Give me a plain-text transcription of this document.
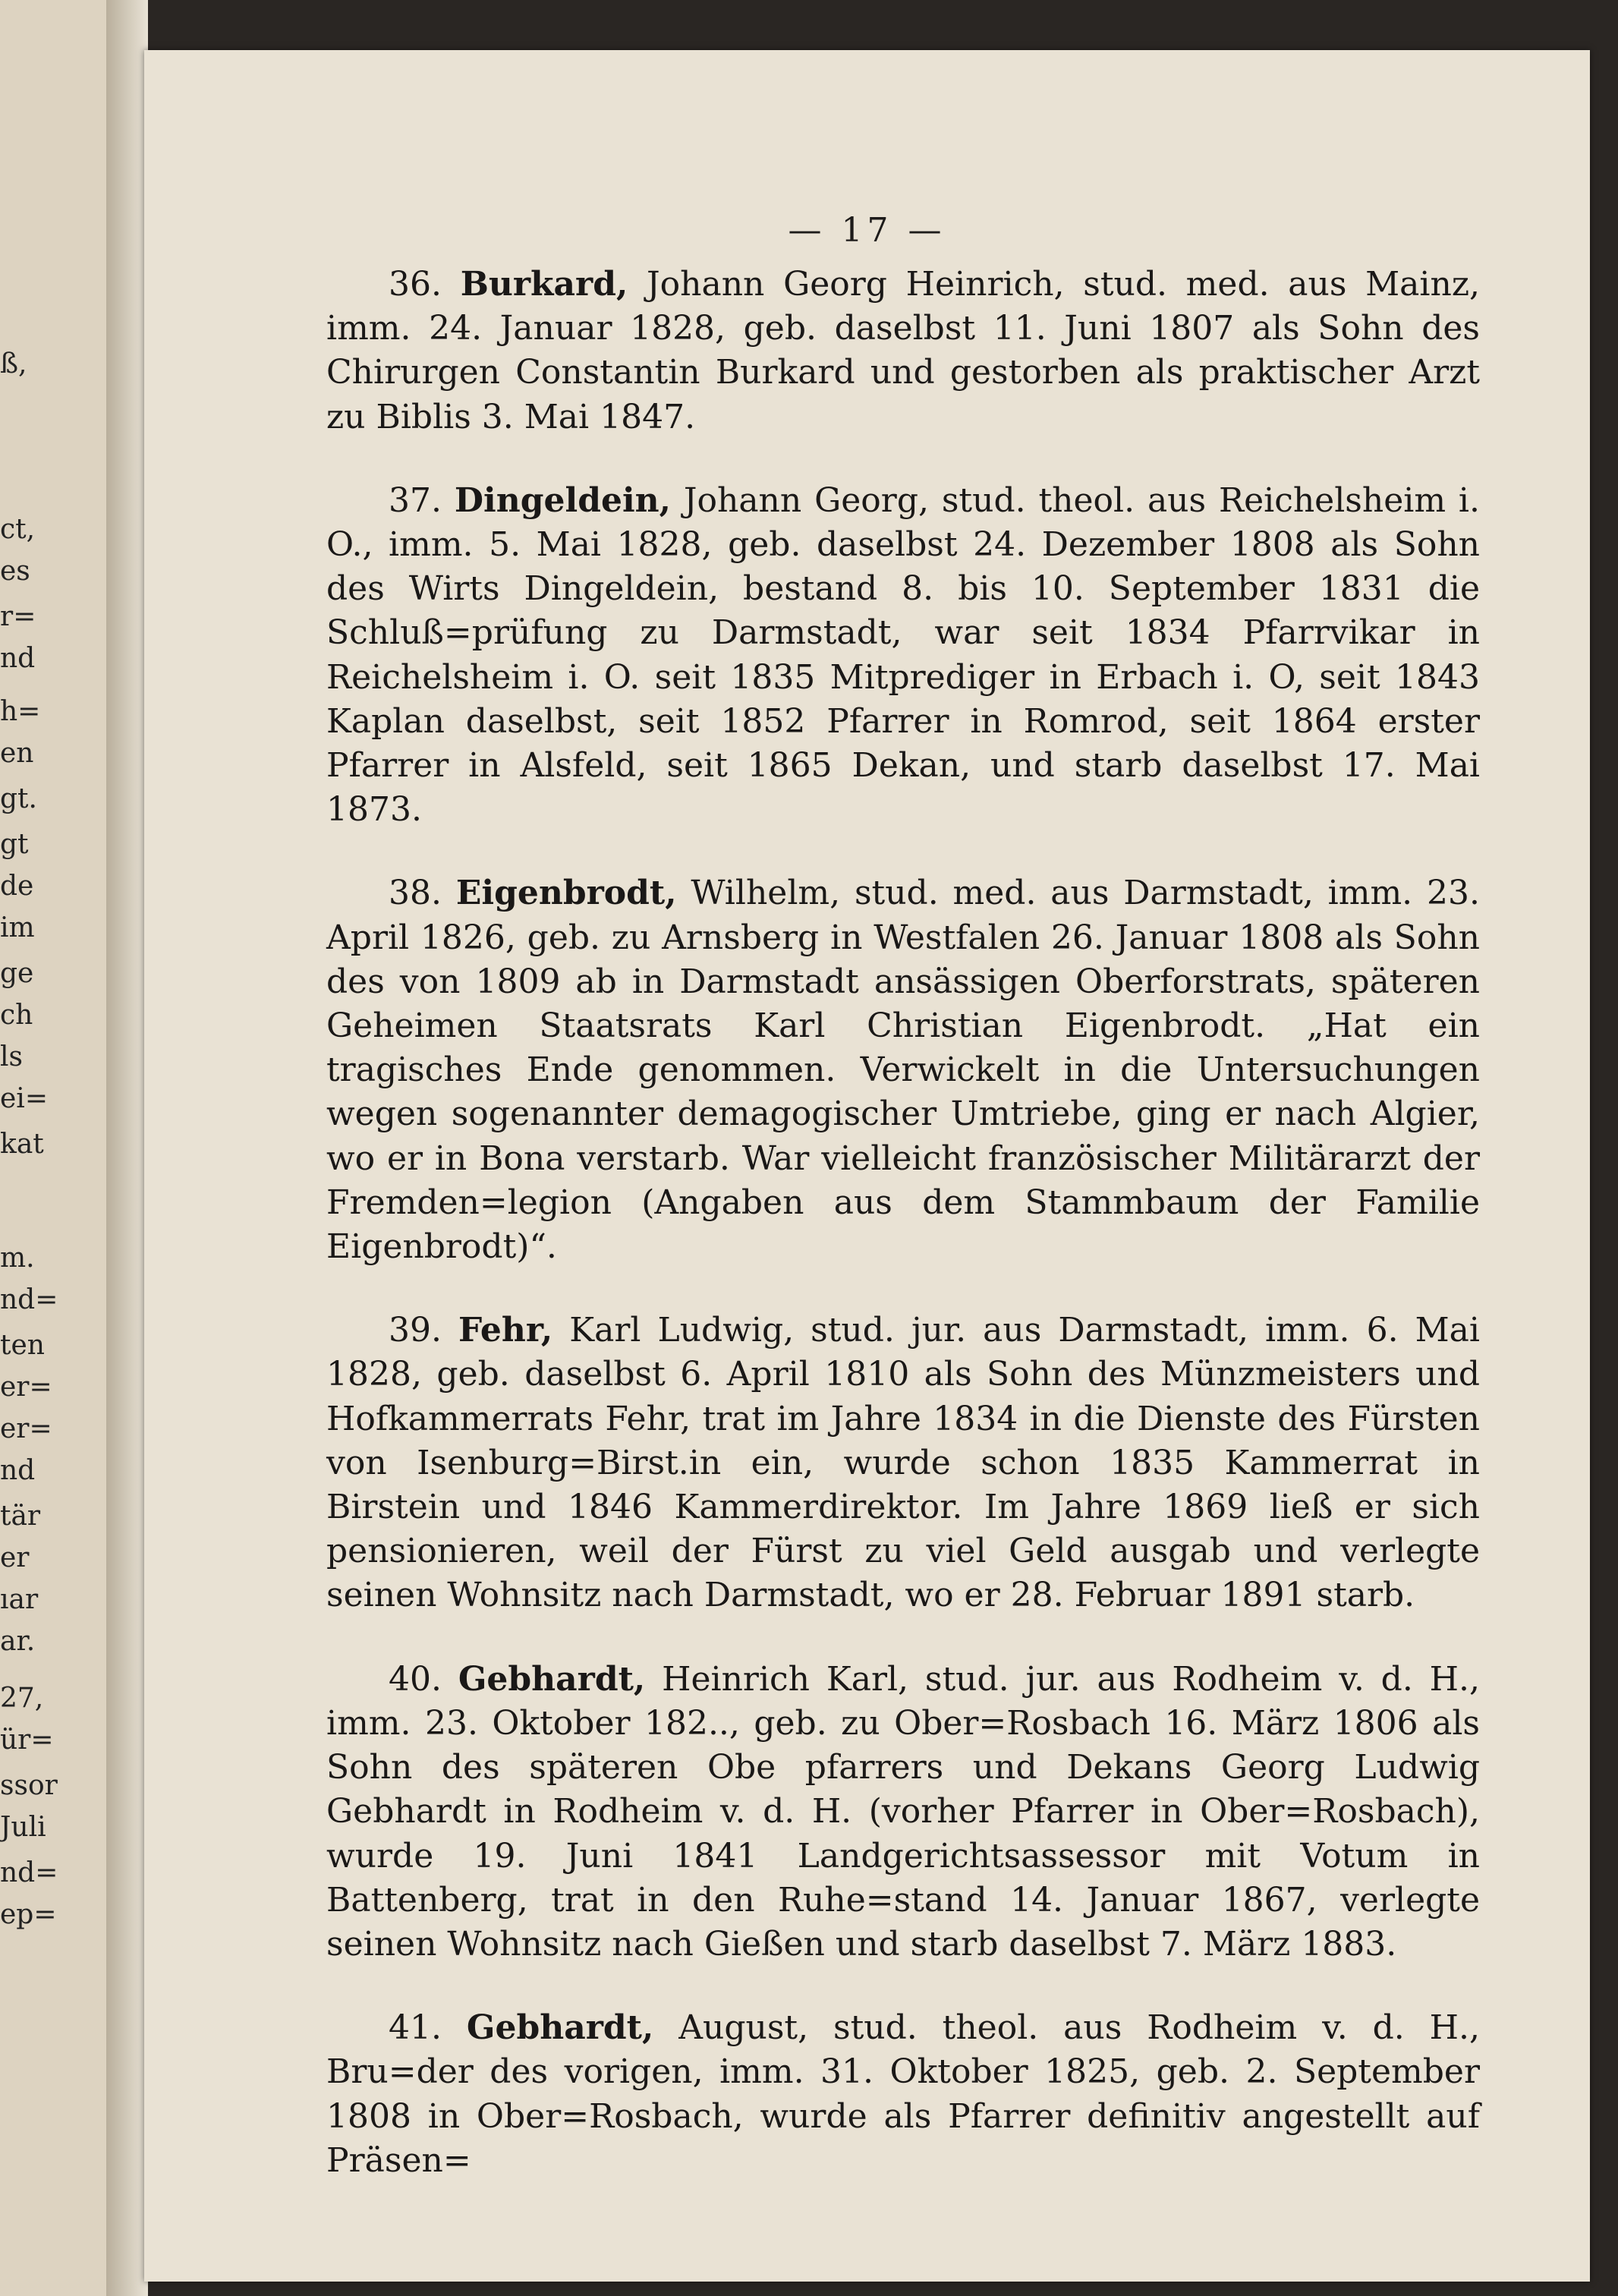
ß,
ct,
es
r=
nd
h=
en
gt.
gt
de
im
ge
ch
ls
ei=
kat
m.
nd=
ten
er=
er=
nd
tär
er
ıar
ar.
27,
ür=
ssor
Juli
nd=
ep=
— 17 —

36. Burkard, Johann Georg Heinrich, stud. med. aus Mainz, imm. 24. Januar 1828, geb. daselbst 11. Juni 1807 als Sohn des Chirurgen Constantin Burkard und gestorben als praktischer Arzt zu Biblis 3. Mai 1847.

37. Dingeldein, Johann Georg, stud. theol. aus Reichelsheim i. O., imm. 5. Mai 1828, geb. daselbst 24. Dezember 1808 als Sohn des Wirts Dingeldein, bestand 8. bis 10. September 1831 die Schluß=prüfung zu Darmstadt, war seit 1834 Pfarrvikar in Reichelsheim i. O. seit 1835 Mitprediger in Erbach i. O, seit 1843 Kaplan daselbst, seit 1852 Pfarrer in Romrod, seit 1864 erster Pfarrer in Alsfeld, seit 1865 Dekan, und starb daselbst 17. Mai 1873.

38. Eigenbrodt, Wilhelm, stud. med. aus Darmstadt, imm. 23. April 1826, geb. zu Arnsberg in Westfalen 26. Januar 1808 als Sohn des von 1809 ab in Darmstadt ansässigen Oberforstrats, späteren Geheimen Staatsrats Karl Christian Eigenbrodt. „Hat ein tragisches Ende genommen. Verwickelt in die Untersuchungen wegen sogenannter demagogischer Umtriebe, ging er nach Algier, wo er in Bona verstarb. War vielleicht französischer Militärarzt der Fremden=legion (Angaben aus dem Stammbaum der Familie Eigenbrodt)“.

39. Fehr, Karl Ludwig, stud. jur. aus Darmstadt, imm. 6. Mai 1828, geb. daselbst 6. April 1810 als Sohn des Münzmeisters und Hofkammerrats Fehr, trat im Jahre 1834 in die Dienste des Fürsten von Isenburg=Birst.in ein, wurde schon 1835 Kammerrat in Birstein und 1846 Kammerdirektor. Im Jahre 1869 ließ er sich pensionieren, weil der Fürst zu viel Geld ausgab und verlegte seinen Wohnsitz nach Darmstadt, wo er 28. Februar 1891 starb.

40. Gebhardt, Heinrich Karl, stud. jur. aus Rodheim v. d. H., imm. 23. Oktober 182.., geb. zu Ober=Rosbach 16. März 1806 als Sohn des späteren Obe pfarrers und Dekans Georg Ludwig Gebhardt in Rodheim v. d. H. (vorher Pfarrer in Ober=Rosbach), wurde 19. Juni 1841 Landgerichtsassessor mit Votum in Battenberg, trat in den Ruhe=stand 14. Januar 1867, verlegte seinen Wohnsitz nach Gießen und starb daselbst 7. März 1883.

41. Gebhardt, August, stud. theol. aus Rodheim v. d. H., Bru=der des vorigen, imm. 31. Oktober 1825, geb. 2. September 1808 in Ober=Rosbach, wurde als Pfarrer definitiv angestellt auf Präsen=
